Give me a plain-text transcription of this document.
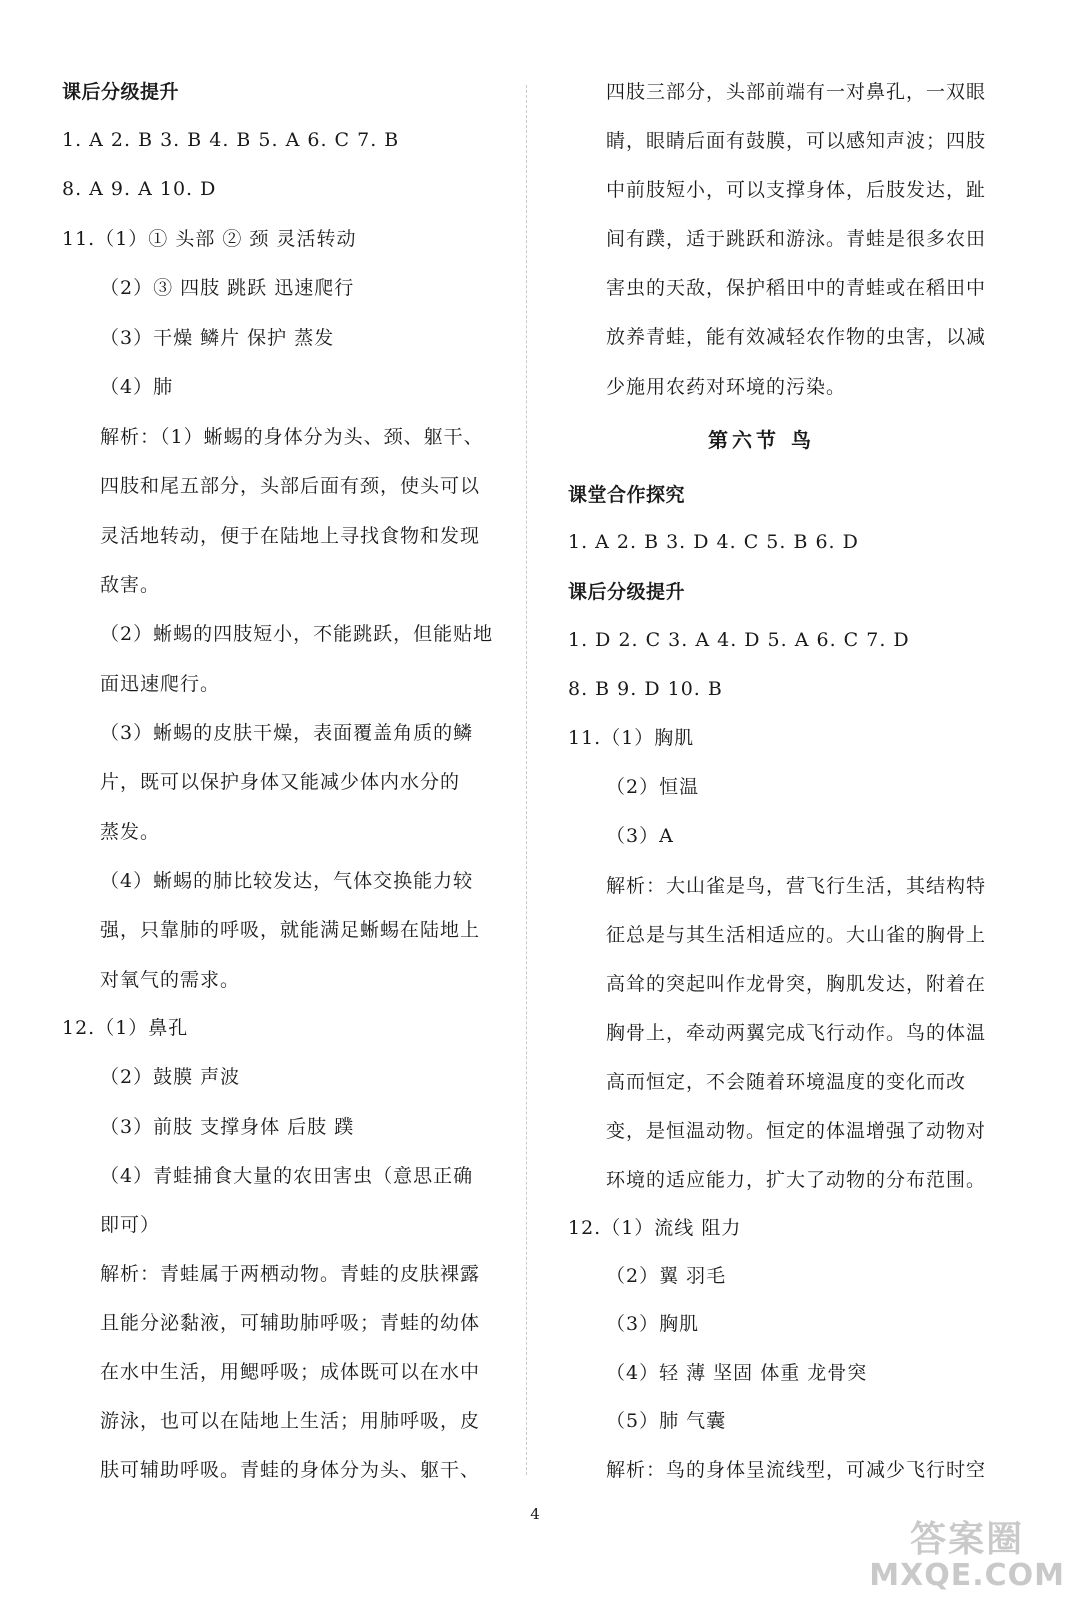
课后分级提升
1. A 2. B 3. B 4. B 5. A 6. C 7. B
8. A 9. A 10. D
11.（1）① 头部 ② 颈 灵活转动
（2）③ 四肢 跳跃 迅速爬行
（3）干燥 鳞片 保护 蒸发
（4）肺
解析：（1）蜥蜴的身体分为头、颈、躯干、
四肢和尾五部分，头部后面有颈，使头可以
灵活地转动，便于在陆地上寻找食物和发现
敌害。
（2）蜥蜴的四肢短小，不能跳跃，但能贴地
面迅速爬行。
（3）蜥蜴的皮肤干燥，表面覆盖角质的鳞
片，既可以保护身体又能减少体内水分的
蒸发。
（4）蜥蜴的肺比较发达，气体交换能力较
强，只靠肺的呼吸，就能满足蜥蜴在陆地上
对氧气的需求。
12.（1）鼻孔
（2）鼓膜 声波
（3）前肢 支撑身体 后肢 蹼
（4）青蛙捕食大量的农田害虫（意思正确
即可）
解析：青蛙属于两栖动物。青蛙的皮肤裸露
且能分泌黏液，可辅助肺呼吸；青蛙的幼体
在水中生活，用鳃呼吸；成体既可以在水中
游泳，也可以在陆地上生活；用肺呼吸，皮
肤可辅助呼吸。青蛙的身体分为头、躯干、
四肢三部分，头部前端有一对鼻孔，一双眼
睛，眼睛后面有鼓膜，可以感知声波；四肢
中前肢短小，可以支撑身体，后肢发达，趾
间有蹼，适于跳跃和游泳。青蛙是很多农田
害虫的天敌，保护稻田中的青蛙或在稻田中
放养青蛙，能有效减轻农作物的虫害，以减
少施用农药对环境的污染。
第六节 鸟
课堂合作探究
1. A 2. B 3. D 4. C 5. B 6. D
课后分级提升
1. D 2. C 3. A 4. D 5. A 6. C 7. D
8. B 9. D 10. B
11.（1）胸肌
（2）恒温
（3）A
解析：大山雀是鸟，营飞行生活，其结构特
征总是与其生活相适应的。大山雀的胸骨上
高耸的突起叫作龙骨突，胸肌发达，附着在
胸骨上，牵动两翼完成飞行动作。鸟的体温
高而恒定，不会随着环境温度的变化而改
变，是恒温动物。恒定的体温增强了动物对
环境的适应能力，扩大了动物的分布范围。
12.（1）流线 阻力
（2）翼 羽毛
（3）胸肌
（4）轻 薄 坚固 体重 龙骨突
（5）肺 气囊
解析：鸟的身体呈流线型，可减少飞行时空
4
答案圈
MXQE.COM
